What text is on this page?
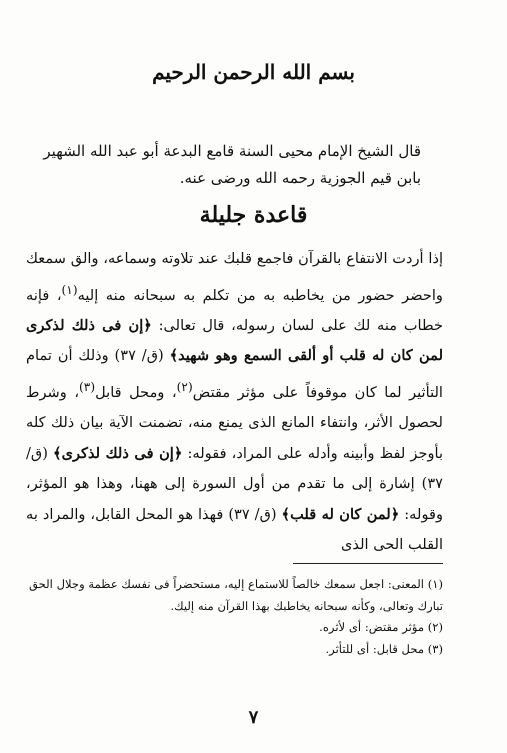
بسم الله الرحمن الرحيم
قال الشيخ الإمام محيى السنة قامع البدعة أبو عبد الله الشهير بابن قيم الجوزية رحمه الله ورضى عنه.
قاعدة جليلة

إذا أردت الانتفاع بالقرآن فاجمع قلبك عند تلاوته وسماعه، والق سمعك واحضر حضور من يخاطبه به من تكلم به سبحانه منه إليه$^{(١)}$، فإنه خطاب منه لك على لسان رسوله، قال تعالى: ﴿إن فى ذلك لذكرى لمن كان له قلب أو ألقى السمع وهو شهيد﴾ (ق/ ٣٧) وذلك أن تمام التأثير لما كان موقوفاً على مؤثر مقتض$^{(٢)}$، ومحل قابل$^{(٣)}$، وشرط لحصول الأثر، وانتفاء المانع الذى يمنع منه، تضمنت الآية بيان ذلك كله بأوجز لفظ وأبينه وأدله على المراد، فقوله: ﴿إن فى ذلك لذكرى﴾ (ق/ ٣٧) إشارة إلى ما تقدم من أول السورة إلى ههنا، وهذا هو المؤثر، وقوله: ﴿لمن كان له قلب﴾ (ق/ ٣٧) فهذا هو المحل القابل، والمراد به القلب الحى الذى

(١) المعنى: اجعل سمعك خالصاً للاستماع إليه، مستحضراً فى نفسك عظمة وجلال الحق تبارك وتعالى، وكأنه سبحانه يخاطبك بهذا القرآن منه إليك.

(٢) مؤثر مقتض: أى لأثره.

(٣) محل قابل: أى للتأثر.

٧
